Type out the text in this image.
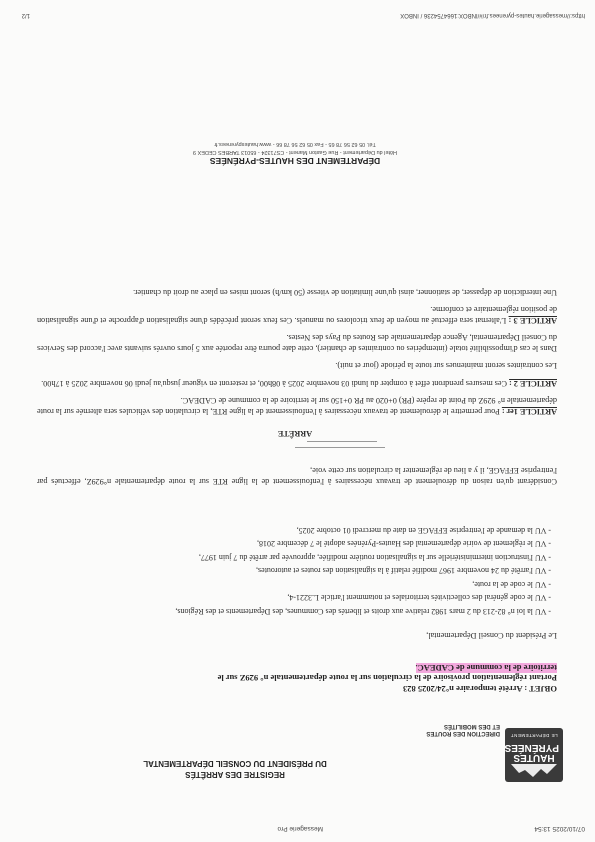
07/10/2025 13:54
Messagerie Pro
HAUTES
PYRÉNÉES
LE DÉPARTEMENT
DIRECTION DES ROUTES
ET DES MOBILITÉS
REGISTRE DES ARRÊTÉS
DU PRÉSIDENT DU CONSEIL DÉPARTEMENTAL
OBJET : Arrêté temporaire n°24/2025 823
Portant réglementation provisoire de la circulation sur la route départementale n° 929Z sur le
territoire de la commune de CADEAC.
Le Président du Conseil Départemental,
- VU la loi n° 82-213 du 2 mars 1982 relative aux droits et libertés des Communes, des Départements et des Régions,
- VU le code général des collectivités territoriales et notamment l'article L.3221-4,
- VU le code de la route,
- VU l'arrêté du 24 novembre 1967 modifié relatif à la signalisation des routes et autoroutes,
- VU l'instruction interministérielle sur la signalisation routière modifiée, approuvée par arrêté du 7 juin 1977,
- VU le règlement de voirie départemental des Hautes-Pyrénées adopté le 7 décembre 2018,
- VU la demande de l'entreprise EFFAGE en date du mercredi 01 octobre 2025,
Considérant qu'en raison du déroulement de travaux nécessaires à l'enfouissement de la ligne RTE sur la route départementale n°929Z, effectués par l'entreprise EFFAGE, il y a lieu de réglementer la circulation sur cette voie,
ARRÊTE
ARTICLE 1er : Pour permettre le déroulement de travaux nécessaires à l'enfouissement de la ligne RTE, la circulation des véhicules sera alternée sur la route départementale n° 929Z du Point de repère (PR) 0+020 au PR 0+150 sur le territoire de la commune de CADEAC.
ARTICLE 2 : Ces mesures prendront effet à compter du lundi 03 novembre 2025 à 08h00, et resteront en vigueur jusqu'au jeudi 06 novembre 2025 à 17h00.
Les contraintes seront maintenues sur toute la période (jour et nuit).
Dans le cas d'impossibilité totale (intempéries ou contraintes de chantier), cette date pourra être reportée aux 5 jours ouvrés suivants avec l'accord des Services du Conseil Départemental, Agence départementale des Routes du Pays des Nestes.
ARTICLE 3 : L'alternat sera effectué au moyen de feux tricolores ou manuels. Ces feux seront précédés d'une signalisation d'approche et d'une signalisation de position réglementaire et conforme.
Une interdiction de dépasser, de stationner, ainsi qu'une limitation de vitesse (50 km/h) seront mises en place au droit du chantier.
DÉPARTEMENT DES HAUTES-PYRÉNÉES
Hôtel du Département - Rue Gaston Manent - CS71324 - 65013 TARBES CEDEX 9
Tél. 05 62 56 78 65 - Fax 05 62 56 78 66 - www.hautespyrenees.fr
https://messagerie.hautes-pyrenees.fr/#/INBOX:1664754236 / INBOX
1/2
